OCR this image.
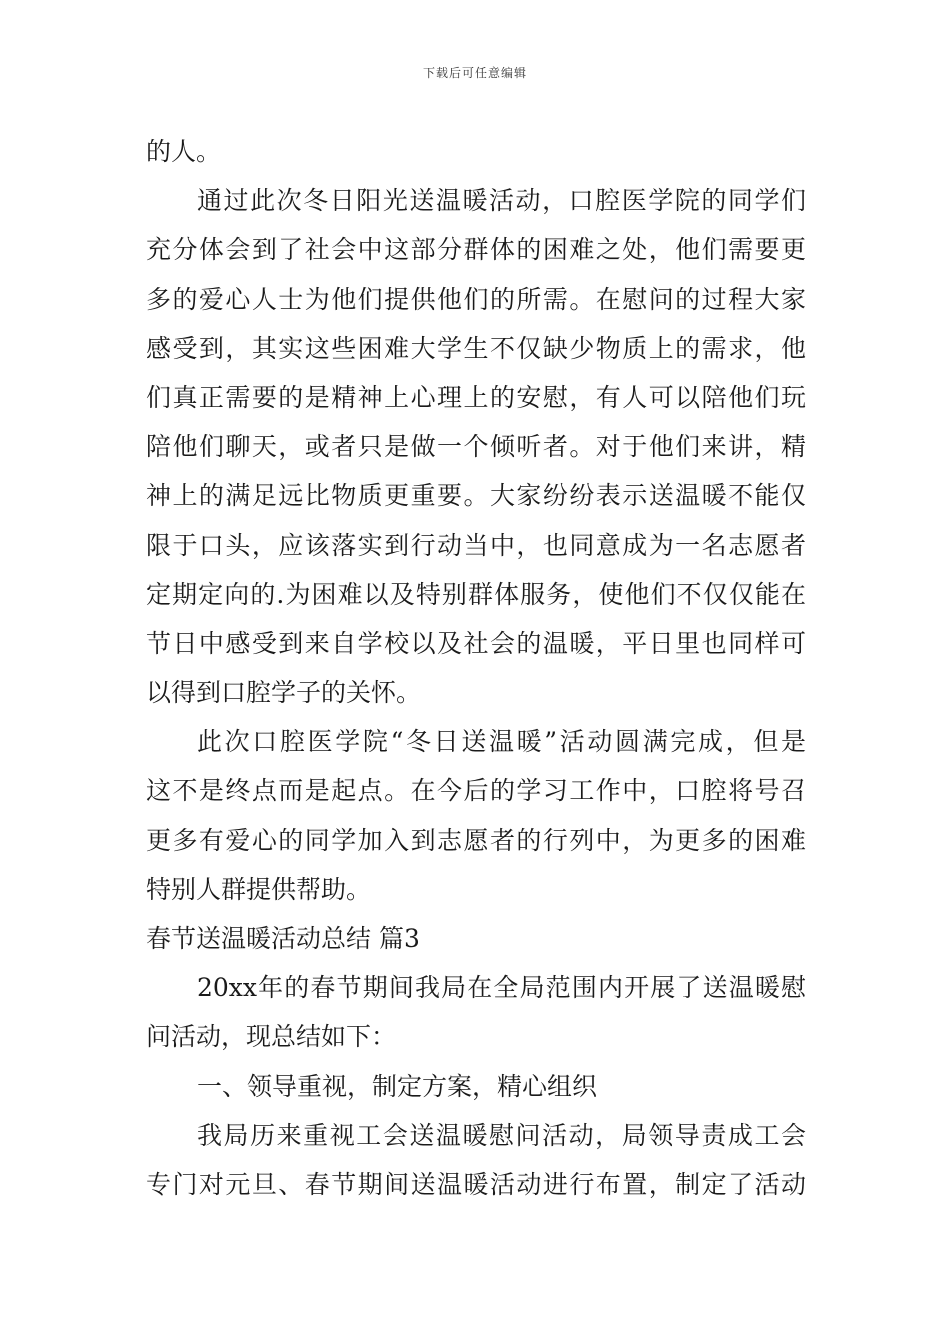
下载后可任意编辑
的人。
通过此次冬日阳光送温暖活动，口腔医学院的同学们
充分体会到了社会中这部分群体的困难之处，他们需要更
多的爱心人士为他们提供他们的所需。在慰问的过程大家
感受到，其实这些困难大学生不仅缺少物质上的需求，他
们真正需要的是精神上心理上的安慰，有人可以陪他们玩
陪他们聊天，或者只是做一个倾听者。对于他们来讲，精
神上的满足远比物质更重要。大家纷纷表示送温暖不能仅
限于口头，应该落实到行动当中，也同意成为一名志愿者
定期定向的.为困难以及特别群体服务，使他们不仅仅能在
节日中感受到来自学校以及社会的温暖，平日里也同样可
以得到口腔学子的关怀。
此次口腔医学院“冬日送温暖”活动圆满完成，但是
这不是终点而是起点。在今后的学习工作中，口腔将号召
更多有爱心的同学加入到志愿者的行列中，为更多的困难
特别人群提供帮助。
春节送温暖活动总结 篇3
20xx年的春节期间我局在全局范围内开展了送温暖慰
问活动，现总结如下：
一、领导重视，制定方案，精心组织
我局历来重视工会送温暖慰问活动，局领导责成工会
专门对元旦、春节期间送温暖活动进行布置，制定了活动
